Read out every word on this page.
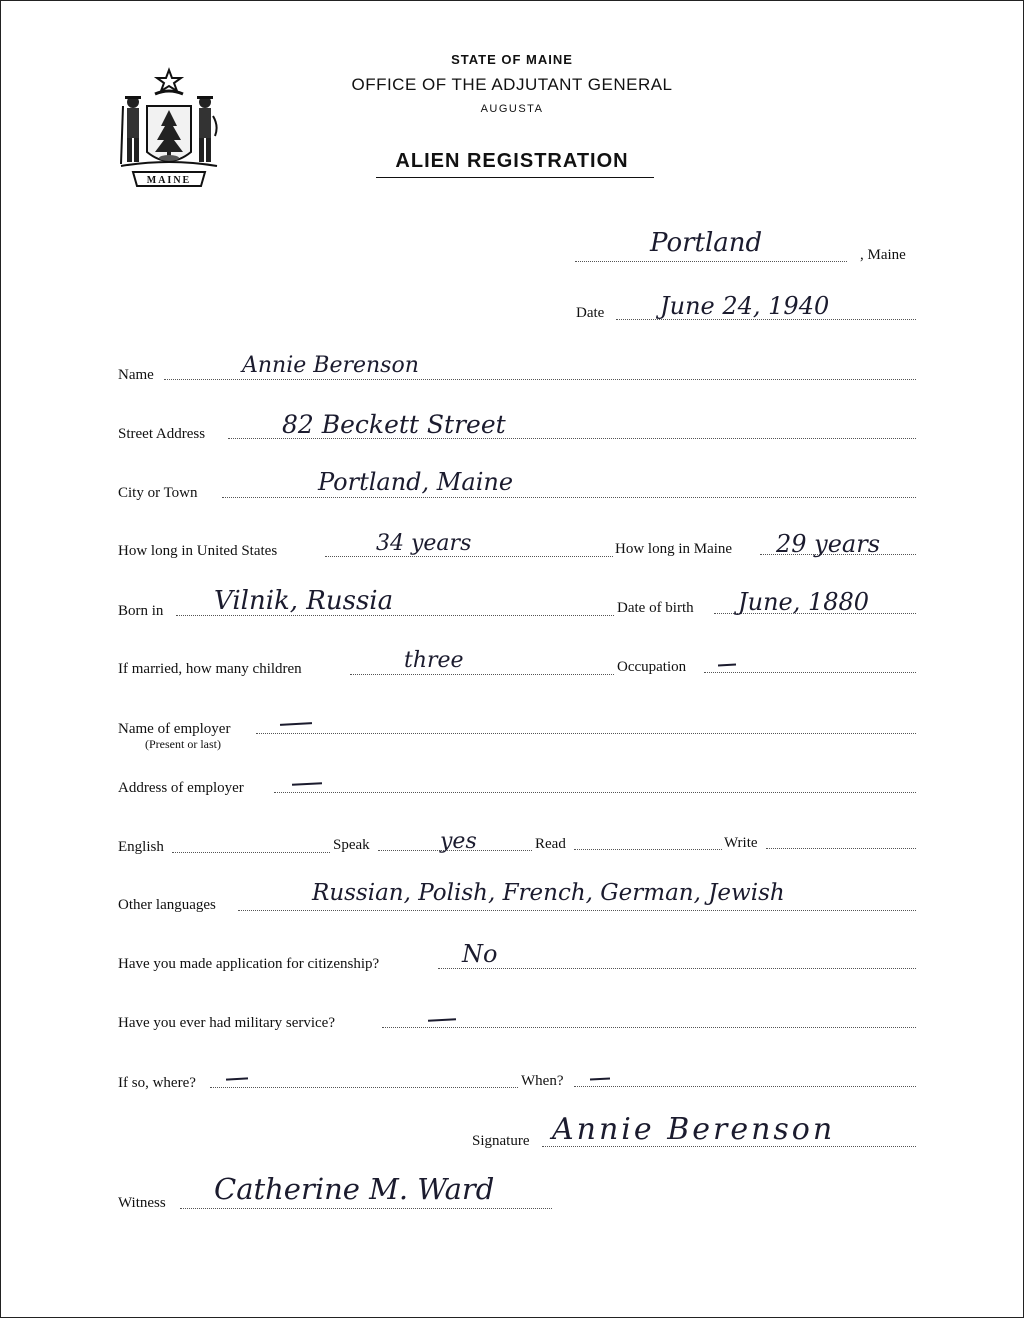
MAINE
STATE OF MAINE
OFFICE OF THE ADJUTANT GENERAL
AUGUSTA
ALIEN REGISTRATION
Portland	, Maine
Date June 24, 1940
Name	Annie Berenson
Street Address	82 Beckett Street
City or Town	Portland, Maine
How long in United States	34 years	How long in Maine 29 years
Born in Vilnik, Russia	Date of birth June, 1880
If married, how many children	three	Occupation
Name of employer
(Present or last)
Address of employer
English	Speak	yes	Read	Write
Other languages	Russian, Polish, French, German, Jewish
Have you made application for citizenship?	No
Have you ever had military service?
If so, where?	When?
Signature Annie Berenson
Witness Catherine M. Ward
